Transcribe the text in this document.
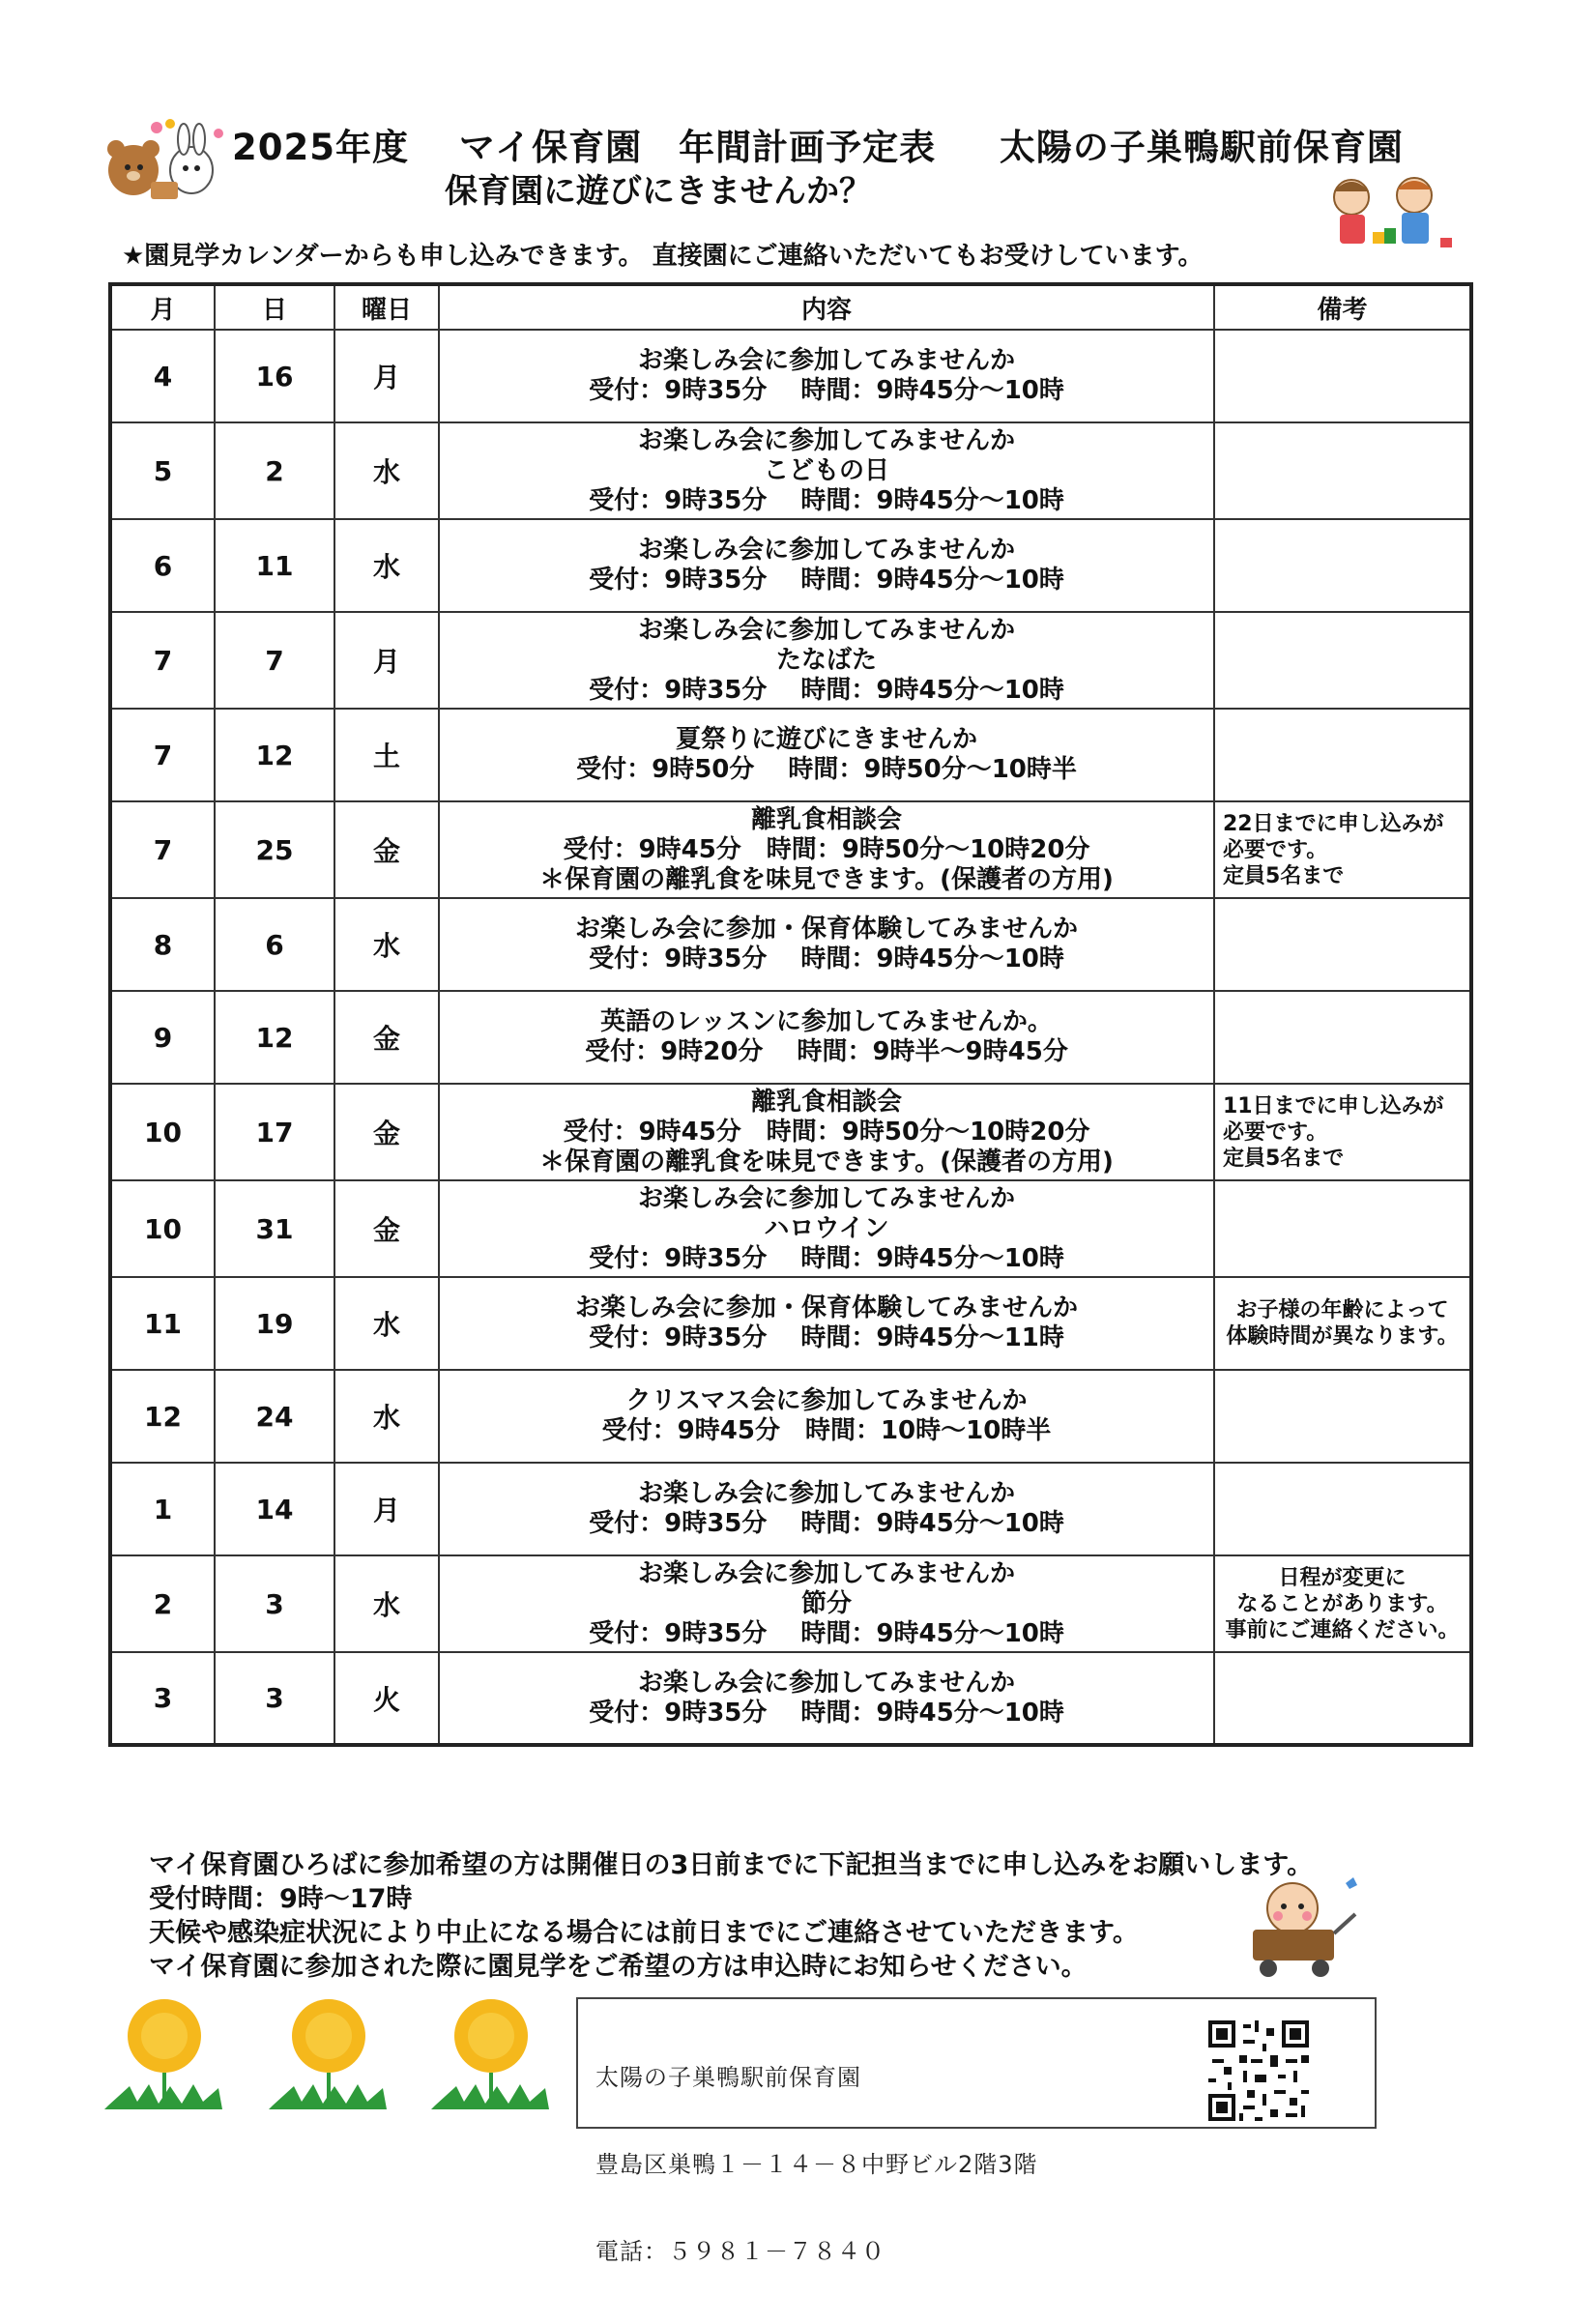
2025年度　 マイ保育園　年間計画予定表 　 太陽の子巣鴨駅前保育園
保育園に遊びにきませんか？
★園見学カレンダーからも申し込みできます。 直接園にご連絡いただいてもお受けしています。
月	日	曜日	内容	備考
4	16	月	お楽しみ会に参加してみませんか
受付：9時35分　 時間：9時45分～10時	

5	2	水	お楽しみ会に参加してみませんか
こどもの日
受付：9時35分　 時間：9時45分～10時	

6	11	水	お楽しみ会に参加してみませんか
受付：9時35分　 時間：9時45分～10時	

7	7	月	お楽しみ会に参加してみませんか
たなばた
受付：9時35分　 時間：9時45分～10時	

7	12	土	夏祭りに遊びにきませんか
受付：9時50分　 時間：9時50分～10時半	

7	25	金	離乳食相談会
受付：9時45分　時間：9時50分～10時20分
＊保育園の離乳食を味見できます。(保護者の方用)	22日までに申し込みが
必要です。
定員5名まで

8	6	水	お楽しみ会に参加・保育体験してみませんか
受付：9時35分　 時間：9時45分～10時	

9	12	金	英語のレッスンに参加してみませんか。
受付：9時20分　 時間：9時半～9時45分	

10	17	金	離乳食相談会
受付：9時45分　時間：9時50分～10時20分
＊保育園の離乳食を味見できます。(保護者の方用)	11日までに申し込みが
必要です。
定員5名まで

10	31	金	お楽しみ会に参加してみませんか
ハロウイン
受付：9時35分　 時間：9時45分～10時	

11	19	水	お楽しみ会に参加・保育体験してみませんか
受付：9時35分　 時間：9時45分～11時	お子様の年齢によって
体験時間が異なります。

12	24	水	クリスマス会に参加してみませんか
受付：9時45分　時間：10時～10時半	

1	14	月	お楽しみ会に参加してみませんか
受付：9時35分　 時間：9時45分～10時	

2	3	水	お楽しみ会に参加してみませんか
節分
受付：9時35分　 時間：9時45分～10時	日程が変更に
なることがあります。
事前にご連絡ください。

3	3	火	お楽しみ会に参加してみませんか
受付：9時35分　 時間：9時45分～10時	

マイ保育園ひろばに参加希望の方は開催日の3日前までに下記担当までに申し込みをお願いします。
受付時間：9時～17時
天候や感染症状況により中止になる場合には前日までにご連絡させていただきます。
マイ保育園に参加された際に園見学をご希望の方は申込時にお知らせください。

太陽の子巣鴨駅前保育園

豊島区巣鴨１－１４－８中野ビル2階3階

電話：５９８１－７８４０
